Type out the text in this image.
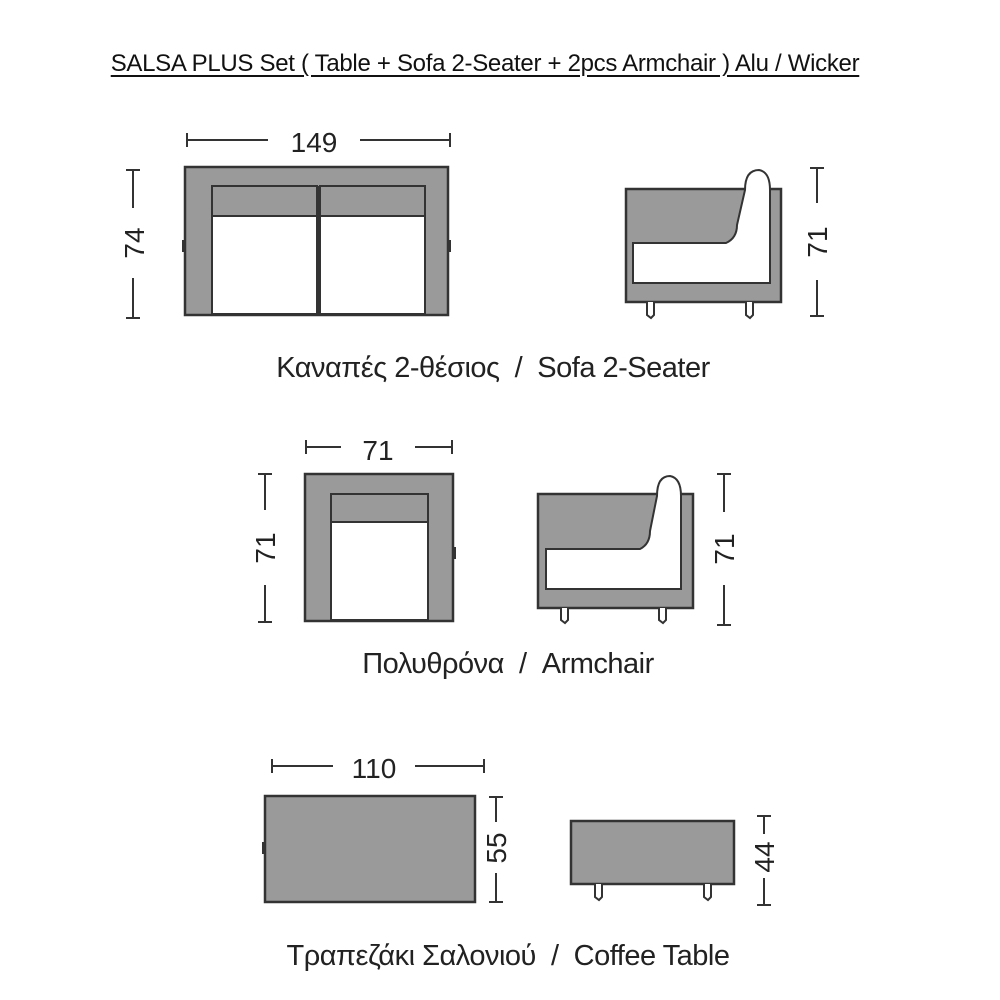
SALSA PLUS Set ( Table + Sofa 2-Seater + 2pcs Armchair ) Alu / Wicker
149
74	71
71
71	71
110
55	44
Καναπές 2-θέσιος  /  Sofa 2-Seater
Πολυθρόνα  /  Armchair
Τραπεζάκι Σαλονιού  /  Coffee Table
